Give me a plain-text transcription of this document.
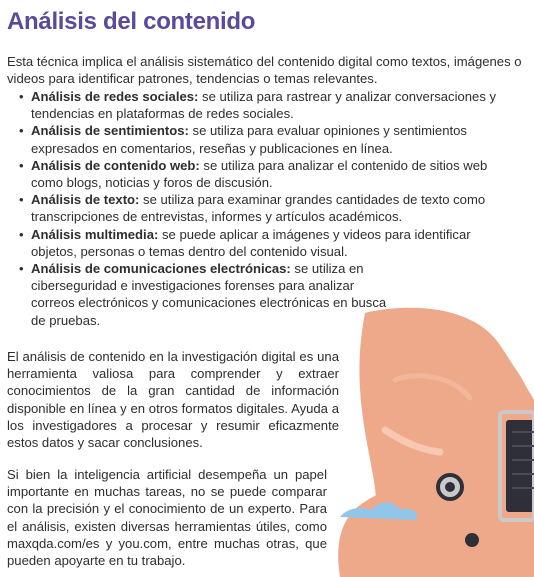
Análisis del contenido

Esta técnica implica el análisis sistemático del contenido digital como textos, imágenes o videos para identificar patrones, tendencias o temas relevantes.

• Análisis de redes sociales: se utiliza para rastrear y analizar conversaciones y tendencias en plataformas de redes sociales.
• Análisis de sentimientos: se utiliza para evaluar opiniones y sentimientos expresados en comentarios, reseñas y publicaciones en línea.
• Análisis de contenido web: se utiliza para analizar el contenido de sitios web como blogs, noticias y foros de discusión.
• Análisis de texto: se utiliza para examinar grandes cantidades de texto como transcripciones de entrevistas, informes y artículos académicos.
• Análisis multimedia: se puede aplicar a imágenes y videos para identificar objetos, personas o temas dentro del contenido visual.
• Análisis de comunicaciones electrónicas: se utiliza en ciberseguridad e investigaciones forenses para analizar correos electrónicos y comunicaciones electrónicas en busca de pruebas.

El análisis de contenido en la investigación digital es una herramienta valiosa para comprender y extraer conocimientos de la gran cantidad de información disponible en línea y en otros formatos digitales. Ayuda a los investigadores a procesar y resumir eficazmente estos datos y sacar conclusiones.

Si bien la inteligencia artificial desempeña un papel importante en muchas tareas, no se puede comparar con la precisión y el conocimiento de un experto. Para el análisis, existen diversas herramientas útiles, como maxqda.com/es y you.com, entre muchas otras, que pueden apoyarte en tu trabajo.
